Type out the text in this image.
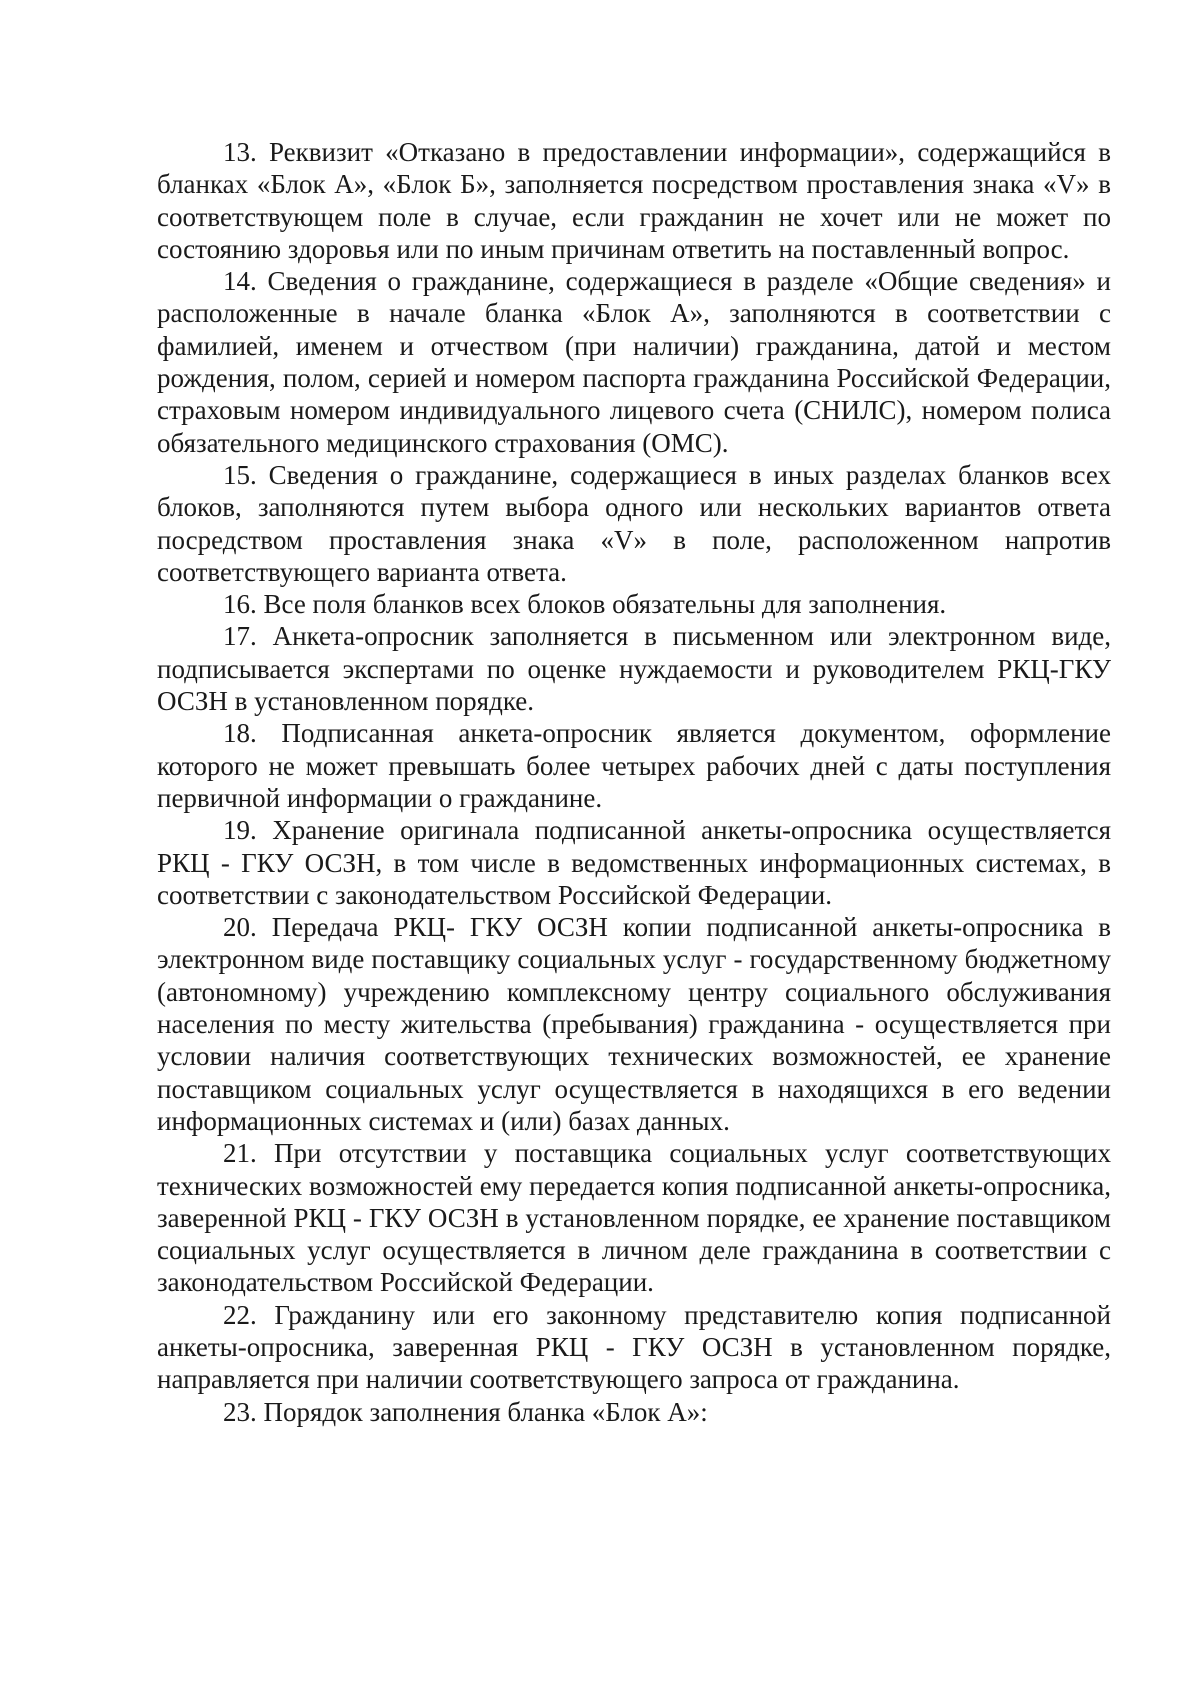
13. Реквизит «Отказано в предоставлении информации», содержащийся в бланках «Блок А», «Блок Б», заполняется посредством проставления знака «V» в соответствующем поле в случае, если гражданин не хочет или не может по состоянию здоровья или по иным причинам ответить на поставленный вопрос.

14. Сведения о гражданине, содержащиеся в разделе «Общие сведения» и расположенные в начале бланка «Блок А», заполняются в соответствии с фамилией, именем и отчеством (при наличии) гражданина, датой и местом рождения, полом, серией и номером паспорта гражданина Российской Федерации, страховым номером индивидуального лицевого счета (СНИЛС), номером полиса обязательного медицинского страхования (ОМС).

15. Сведения о гражданине, содержащиеся в иных разделах бланков всех блоков, заполняются путем выбора одного или нескольких вариантов ответа посредством проставления знака «V» в поле, расположенном напротив соответствующего варианта ответа.

16. Все поля бланков всех блоков обязательны для заполнения.

17. Анкета-опросник заполняется в письменном или электронном виде, подписывается экспертами по оценке нуждаемости и руководителем РКЦ-ГКУ ОСЗН в установленном порядке.

18. Подписанная анкета-опросник является документом, оформление которого не может превышать более четырех рабочих дней с даты поступления первичной информации о гражданине.

19. Хранение оригинала подписанной анкеты-опросника осуществляется РКЦ - ГКУ ОСЗН, в том числе в ведомственных информационных системах, в соответствии с законодательством Российской Федерации.

20. Передача РКЦ- ГКУ ОСЗН копии подписанной анкеты-опросника в электронном виде поставщику социальных услуг - государственному бюджетному (автономному) учреждению комплексному центру социального обслуживания населения по месту жительства (пребывания) гражданина - осуществляется при условии наличия соответствующих технических возможностей, ее хранение поставщиком социальных услуг осуществляется в находящихся в его ведении информационных системах и (или) базах данных.

21. При отсутствии у поставщика социальных услуг соответствующих технических возможностей ему передается копия подписанной анкеты-опросника, заверенной РКЦ - ГКУ ОСЗН в установленном порядке, ее хранение поставщиком социальных услуг осуществляется в личном деле гражданина в соответствии с законодательством Российской Федерации.

22. Гражданину или его законному представителю копия подписанной анкеты-опросника, заверенная РКЦ - ГКУ ОСЗН в установленном порядке, направляется при наличии соответствующего запроса от гражданина.

23. Порядок заполнения бланка «Блок А»:
